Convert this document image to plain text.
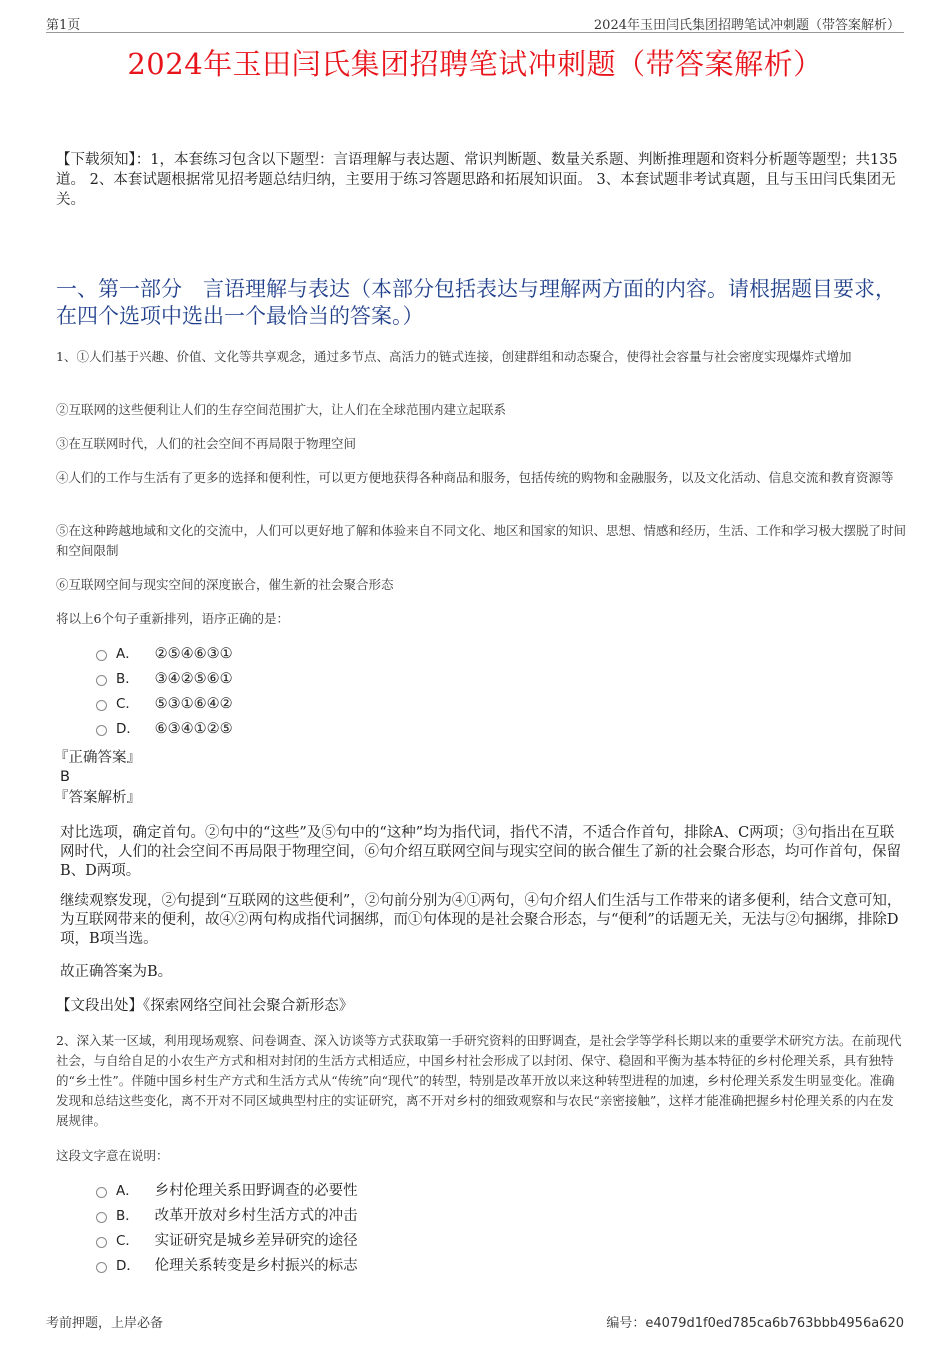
第1页	2024年玉田闫氏集团招聘笔试冲刺题（带答案解析）
2024年玉田闫氏集团招聘笔试冲刺题（带答案解析）
【下载须知】：1，本套练习包含以下题型：言语理解与表达题、常识判断题、数量关系题、判断推理题和资料分析题等题型；共135道。 2、本套试题根据常见招考题总结归纳，主要用于练习答题思路和拓展知识面。 3、本套试题非考试真题，且与玉田闫氏集团无关。
一、第一部分　言语理解与表达（本部分包括表达与理解两方面的内容。请根据题目要求，在四个选项中选出一个最恰当的答案。）
1、①人们基于兴趣、价值、文化等共享观念，通过多节点、高活力的链式连接，创建群组和动态聚合，使得社会容量与社会密度实现爆炸式增加
②互联网的这些便利让人们的生存空间范围扩大，让人们在全球范围内建立起联系
③在互联网时代，人们的社会空间不再局限于物理空间
④人们的工作与生活有了更多的选择和便利性，可以更方便地获得各种商品和服务，包括传统的购物和金融服务，以及文化活动、信息交流和教育资源等
⑤在这种跨越地域和文化的交流中，人们可以更好地了解和体验来自不同文化、地区和国家的知识、思想、情感和经历，生活、工作和学习极大摆脱了时间和空间限制
⑥互联网空间与现实空间的深度嵌合，催生新的社会聚合形态
将以上6个句子重新排列，语序正确的是：
A． ②⑤④⑥③①
B． ③④②⑤⑥①
C． ⑤③①⑥④②
D． ⑥③④①②⑤
『正确答案』
B
『答案解析』
对比选项，确定首句。②句中的“这些”及⑤句中的“这种”均为指代词，指代不清，不适合作首句，排除A、C两项；③句指出在互联网时代，人们的社会空间不再局限于物理空间，⑥句介绍互联网空间与现实空间的嵌合催生了新的社会聚合形态，均可作首句，保留B、D两项。
继续观察发现，②句提到“互联网的这些便利”，②句前分别为④①两句，④句介绍人们生活与工作带来的诸多便利，结合文意可知，为互联网带来的便利，故④②两句构成指代词捆绑，而①句体现的是社会聚合形态，与“便利”的话题无关，无法与②句捆绑，排除D项，B项当选。
故正确答案为B。
【文段出处】《探索网络空间社会聚合新形态》
2、深入某一区域，利用现场观察、问卷调查、深入访谈等方式获取第一手研究资料的田野调查，是社会学等学科长期以来的重要学术研究方法。在前现代社会，与自给自足的小农生产方式和相对封闭的生活方式相适应，中国乡村社会形成了以封闭、保守、稳固和平衡为基本特征的乡村伦理关系，具有独特的“乡土性”。伴随中国乡村生产方式和生活方式从“传统”向“现代”的转型，特别是改革开放以来这种转型进程的加速，乡村伦理关系发生明显变化。准确发现和总结这些变化，离不开对不同区域典型村庄的实证研究，离不开对乡村的细致观察和与农民“亲密接触”，这样才能准确把握乡村伦理关系的内在发展规律。
这段文字意在说明：
A． 乡村伦理关系田野调查的必要性
B． 改革开放对乡村生活方式的冲击
C． 实证研究是城乡差异研究的途径
D． 伦理关系转变是乡村振兴的标志
考前押题，上岸必备	编号：e4079d1f0ed785ca6b763bbb4956a620
